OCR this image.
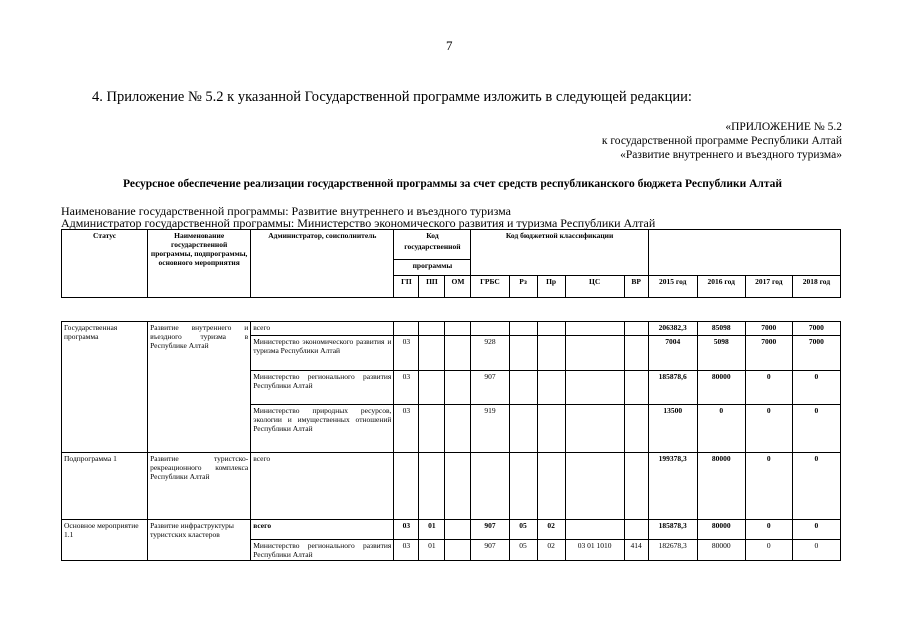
7
4. Приложение № 5.2 к указанной Государственной программе изложить в следующей редакции:
«ПРИЛОЖЕНИЕ № 5.2
к государственной программе Республики Алтай
«Развитие внутреннего и въездного туризма»
Ресурсное обеспечение реализации государственной программы за счет средств республиканского бюджета Республики Алтай
Наименование государственной программы: Развитие внутреннего и въездного туризма
Администратор государственной программы: Министерство экономического развития и туризма Республики Алтай
Статус	Наименование государственной программы, подпрограммы, основного мероприятия	Администратор, соисполнитель	Код			Код бюджетной классификации								
			государственной											
			программы											
			ГП	ПП	ОМ	ГРБС	Рз	Пр	ЦС	ВР	2015 год	2016 год	2017 год	2018 год

Государственная программа	Развитие внутреннего и въездного туризма в Республике Алтай	всего									206382,3	85098	7000	7000
		Министерство экономического развития и туризма Республики Алтай	03			928					7004	5098	7000	7000
		Министерство регионального развития Республики Алтай	03			907					185878,6	80000	0	0
		Министерство природных ресурсов, экологии и имущественных отношений Республики Алтай	03			919					13500	0	0	0
Подпрограмма 1	Развитие туристско-рекреационного комплекса Республики Алтай	всего									199378,3	80000	0	0
Основное мероприятие 1.1	Развитие инфраструктуры туристских кластеров	всего	03	01		907	05	02			185878,3	80000	0	0
		Министерство регионального развития Республики Алтай	03	01		907	05	02	03 01 1010	414	182678,3	80000	0	0
